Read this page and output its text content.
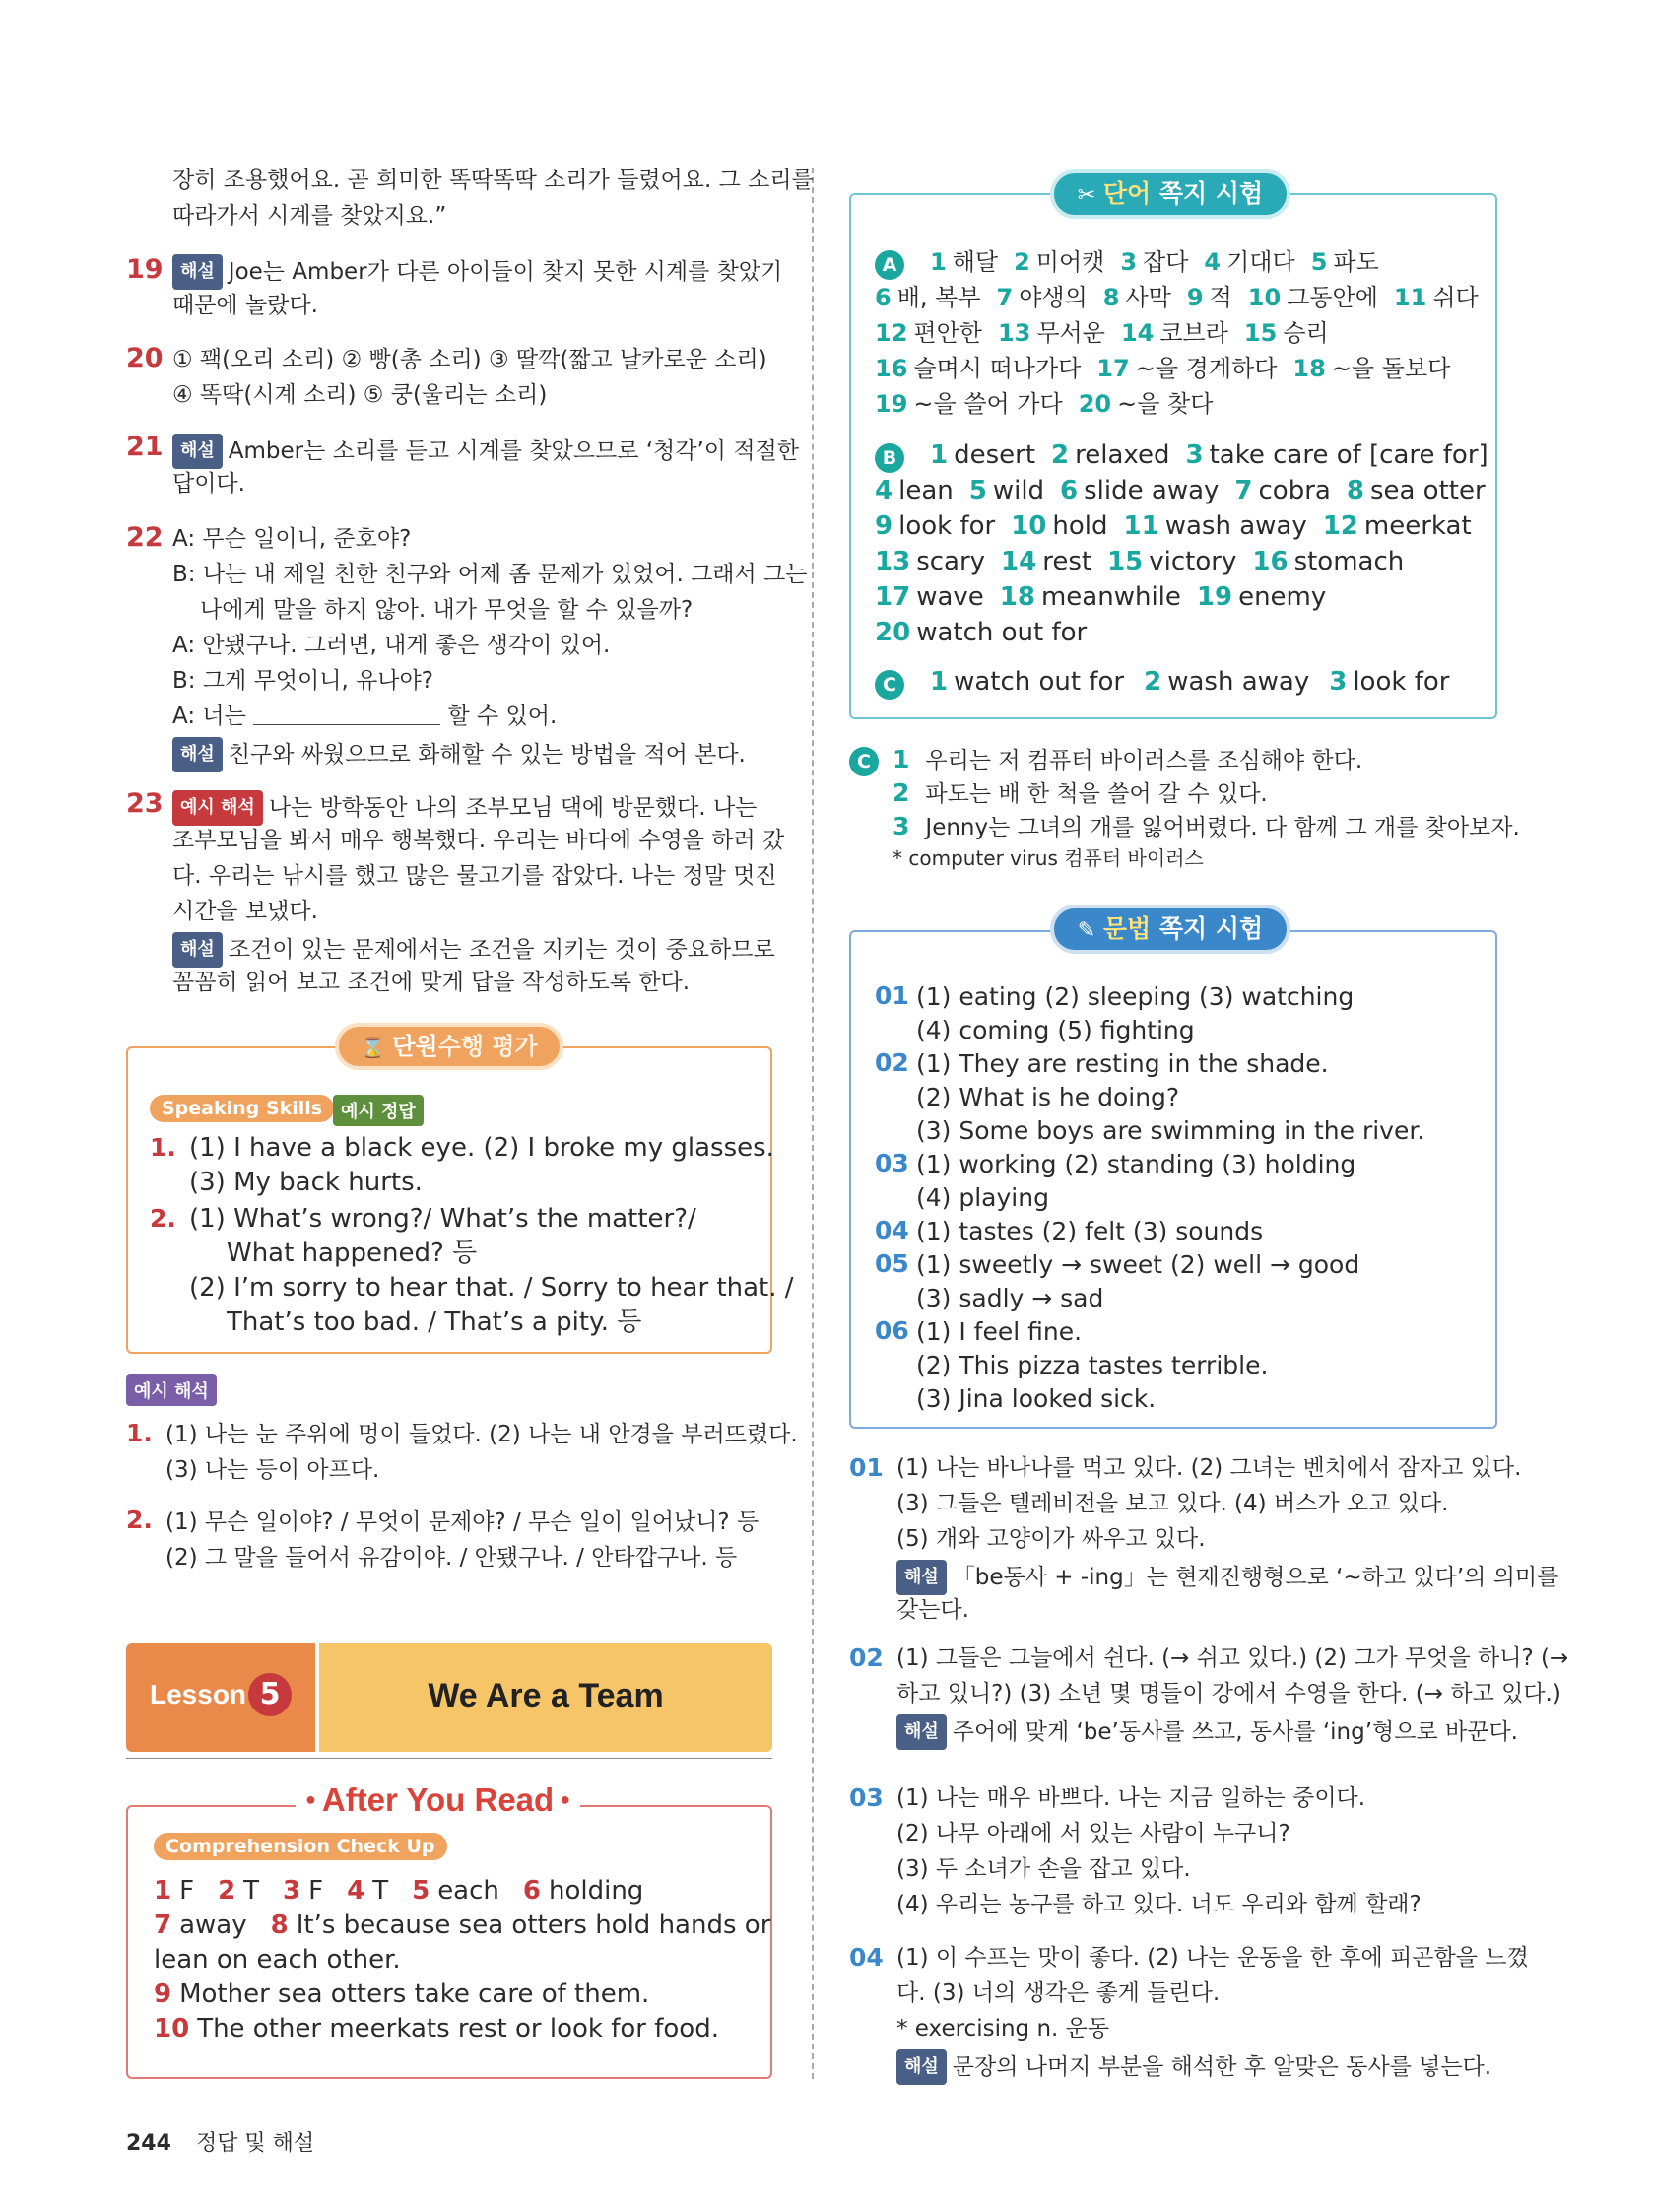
장히 조용했어요. 곧 희미한 똑딱똑딱 소리가 들렸어요. 그 소리를
따라가서 시계를 찾았지요.”
19 해설 Joe는 Amber가 다른 아이들이 찾지 못한 시계를 찾았기
때문에 놀랐다.
20 ① 꽥(오리 소리) ② 빵(총 소리) ③ 딸깍(짧고 날카로운 소리)
④ 똑딱(시계 소리) ⑤ 쿵(울리는 소리)
21 해설 Amber는 소리를 듣고 시계를 찾았으므로 ‘청각’이 적절한
답이다.
22 A: 무슨 일이니, 준호야?
B: 나는 내 제일 친한 친구와 어제 좀 문제가 있었어. 그래서 그는
나에게 말을 하지 않아. 내가 무엇을 할 수 있을까?
A: 안됐구나. 그러면, 내게 좋은 생각이 있어.
B: 그게 무엇이니, 유나야?
A: 너는	할 수 있어.
해설 친구와 싸웠으므로 화해할 수 있는 방법을 적어 본다.
23 예시 해석 나는 방학동안 나의 조부모님 댁에 방문했다. 나는
조부모님을 봐서 매우 행복했다. 우리는 바다에 수영을 하러 갔
다. 우리는 낚시를 했고 많은 물고기를 잡았다. 나는 정말 멋진
시간을 보냈다.
해설 조건이 있는 문제에서는 조건을 지키는 것이 중요하므로
꼼꼼히 읽어 보고 조건에 맞게 답을 작성하도록 한다.
⌛ 단원수행 평가
Speaking Skills	예시 정답
1. (1) I have a black eye. (2) I broke my glasses.
(3) My back hurts.
2. (1) What’s wrong?/ What’s the matter?/
What happened? 등
(2) I’m sorry to hear that. / Sorry to hear that. /
That’s too bad. / That’s a pity. 등
예시 해석
1. (1) 나는 눈 주위에 멍이 들었다. (2) 나는 내 안경을 부러뜨렸다.
(3) 나는 등이 아프다.
2. (1) 무슨 일이야? / 무엇이 문제야? / 무슨 일이 일어났니? 등
(2) 그 말을 들어서 유감이야. / 안됐구나. / 안타깝구나. 등
Lesson 5	We Are a Team
● After You Read ●
Comprehension Check Up
1 F 2 T 3 F 4 T 5 each 6 holding
7 away 8 It’s because sea otters hold hands or
lean on each other.
9 Mother sea otters take care of them.
10 The other meerkats rest or look for food.
✂ 단어 쪽지 시험
A	1 해달 2 미어캣 3 잡다 4 기대다 5 파도
6 배, 복부 7 야생의 8 사막 9 적 10 그동안에 11 쉬다
12 편안한 13 무서운 14 코브라 15 승리
16 슬며시 떠나가다 17 ~을 경계하다 18 ~을 돌보다
19 ~을 쓸어 가다 20 ~을 찾다
B 1 desert 2 relaxed 3 take care of [care for]
4 lean 5 wild 6 slide away 7 cobra 8 sea otter
9 look for 10 hold 11 wash away 12 meerkat
13 scary 14 rest 15 victory 16 stomach
17 wave 18 meanwhile 19 enemy
20 watch out for
C	1 watch out for 2 wash away 3 look for
C 1 우리는 저 컴퓨터 바이러스를 조심해야 한다.
2 파도는 배 한 척을 쓸어 갈 수 있다.
3 Jenny는 그녀의 개를 잃어버렸다. 다 함께 그 개를 찾아보자.
* computer virus 컴퓨터 바이러스
✎ 문법 쪽지 시험
01 (1) eating (2) sleeping (3) watching
(4) coming (5) fighting
02 (1) They are resting in the shade.
(2) What is he doing?
(3) Some boys are swimming in the river.
03 (1) working (2) standing (3) holding
(4) playing
04 (1) tastes (2) felt (3) sounds
05 (1) sweetly → sweet (2) well → good
(3) sadly → sad
06 (1) I feel fine.
(2) This pizza tastes terrible.
(3) Jina looked sick.
01 (1) 나는 바나나를 먹고 있다. (2) 그녀는 벤치에서 잠자고 있다.
(3) 그들은 텔레비전을 보고 있다. (4) 버스가 오고 있다.
(5) 개와 고양이가 싸우고 있다.
해설 「be동사 + -ing」는 현재진행형으로 ‘~하고 있다’의 의미를
갖는다.
02 (1) 그들은 그늘에서 쉰다. (→ 쉬고 있다.) (2) 그가 무엇을 하니? (→
하고 있니?) (3) 소년 몇 명들이 강에서 수영을 한다. (→ 하고 있다.)
해설 주어에 맞게 ‘be’동사를 쓰고, 동사를 ‘ing’형으로 바꾼다.
03 (1) 나는 매우 바쁘다. 나는 지금 일하는 중이다.
(2) 나무 아래에 서 있는 사람이 누구니?
(3) 두 소녀가 손을 잡고 있다.
(4) 우리는 농구를 하고 있다. 너도 우리와 함께 할래?
04 (1) 이 수프는 맛이 좋다. (2) 나는 운동을 한 후에 피곤함을 느꼈
다. (3) 너의 생각은 좋게 들린다.
* exercising n. 운동
해설 문장의 나머지 부분을 해석한 후 알맞은 동사를 넣는다.
244 정답 및 해설
